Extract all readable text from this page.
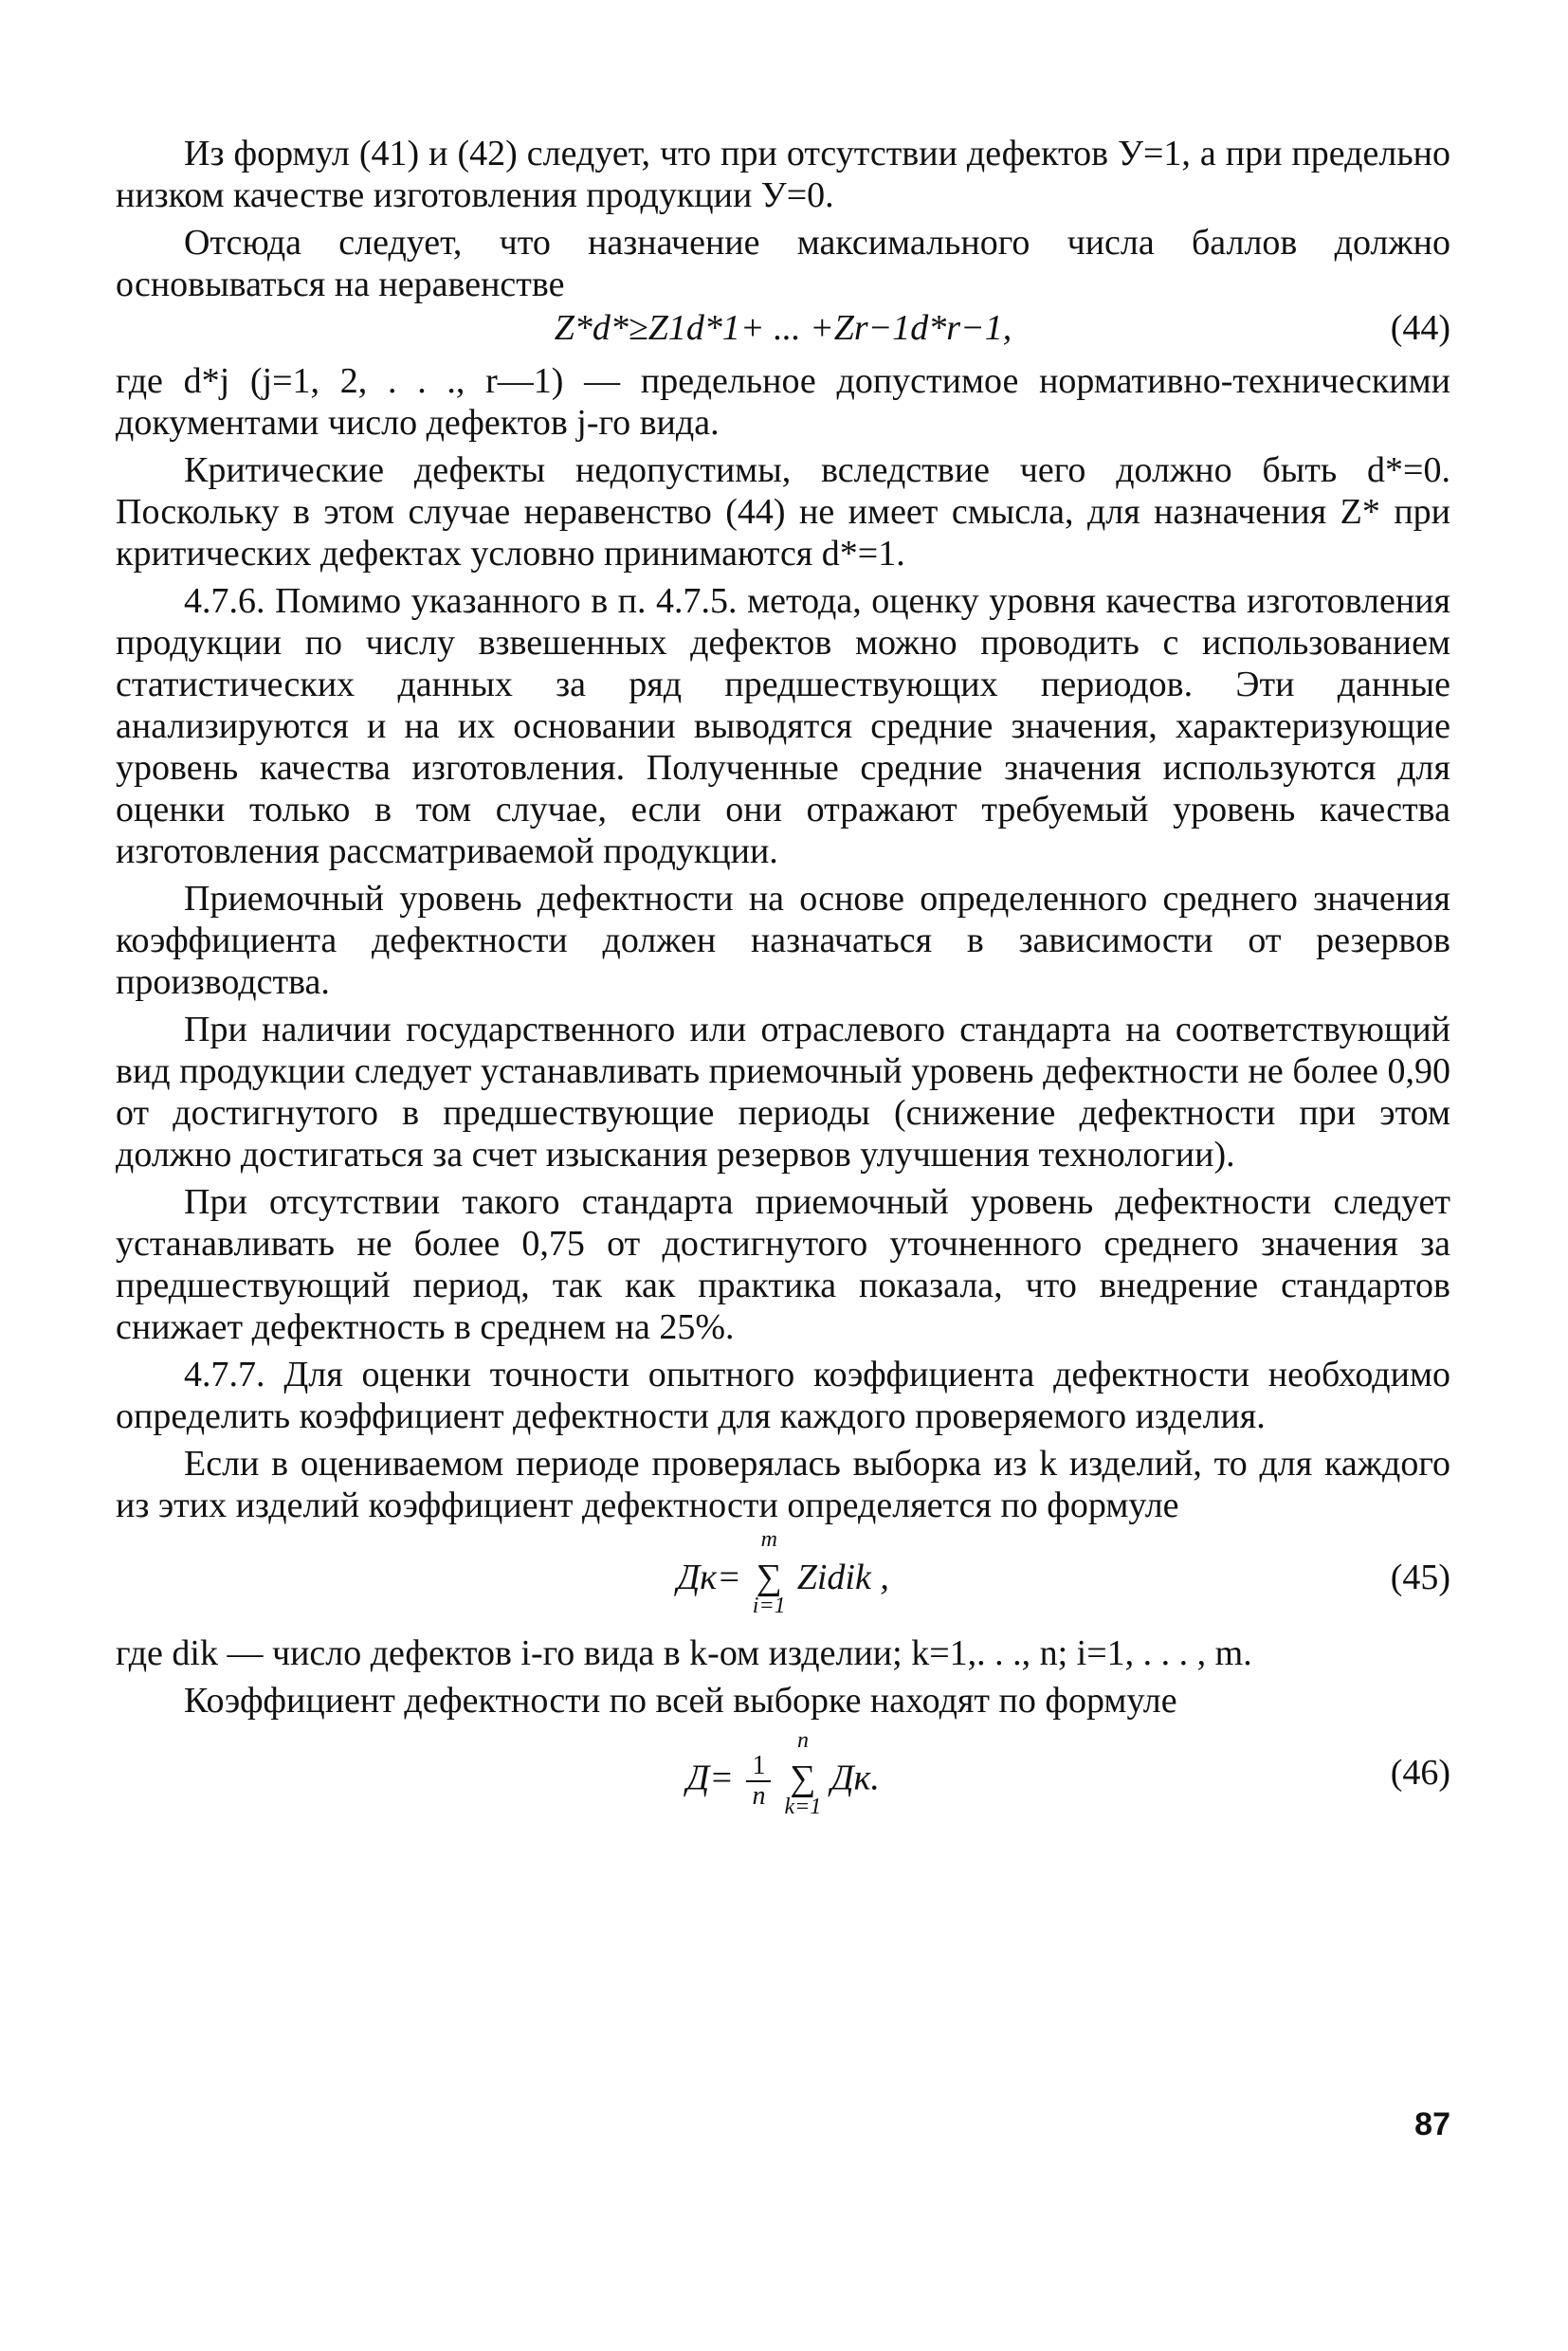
Из формул (41) и (42) следует, что при отсутствии дефектов У=1, а при предельно низком качестве изготовления продукции У=0.

Отсюда следует, что назначение максимального числа баллов должно основываться на неравенстве

Z*d*≥Z1d*1+ ... +Zr−1d*r−1,	(44)

где d*j (j=1, 2, . . ., r—1) — предельное допустимое нормативно-техническими документами число дефектов j-го вида.

Критические дефекты недопустимы, вследствие чего должно быть d*=0. Поскольку в этом случае неравенство (44) не имеет смысла, для назначения Z* при критических дефектах условно принимаются d*=1.

4.7.6. Помимо указанного в п. 4.7.5. метода, оценку уровня качества изготовления продукции по числу взвешенных дефектов можно проводить с использованием статистических данных за ряд предшествующих периодов. Эти данные анализируются и на их основании выводятся средние значения, характеризующие уровень качества изготовления. Полученные средние значения используются для оценки только в том случае, если они отражают требуемый уровень качества изготовления рассматриваемой продукции.

Приемочный уровень дефектности на основе определенного среднего значения коэффициента дефектности должен назначаться в зависимости от резервов производства.

При наличии государственного или отраслевого стандарта на соответствующий вид продукции следует устанавливать приемочный уровень дефектности не более 0,90 от достигнутого в предшествующие периоды (снижение дефектности при этом должно достигаться за счет изыскания резервов улучшения технологии).

При отсутствии такого стандарта приемочный уровень дефектности следует устанавливать не более 0,75 от достигнутого уточненного среднего значения за предшествующий период, так как практика показала, что внедрение стандартов снижает дефектность в среднем на 25%.

4.7.7. Для оценки точности опытного коэффициента дефектности необходимо определить коэффициент дефектности для каждого проверяемого изделия.

Если в оцениваемом периоде проверялась выборка из k изделий, то для каждого из этих изделий коэффициент дефектности определяется по формуле

Дк=
m
∑
i=1
Zidik ,	(45)

где dik — число дефектов i-го вида в k-ом изделии; k=1,. . ., n; i=1, . . . , m.

Коэффициент дефектности по всей выборке находят по формуле

$Д= \frac{1}{n}$

n
∑
k=1
Дк.	(46)
87
